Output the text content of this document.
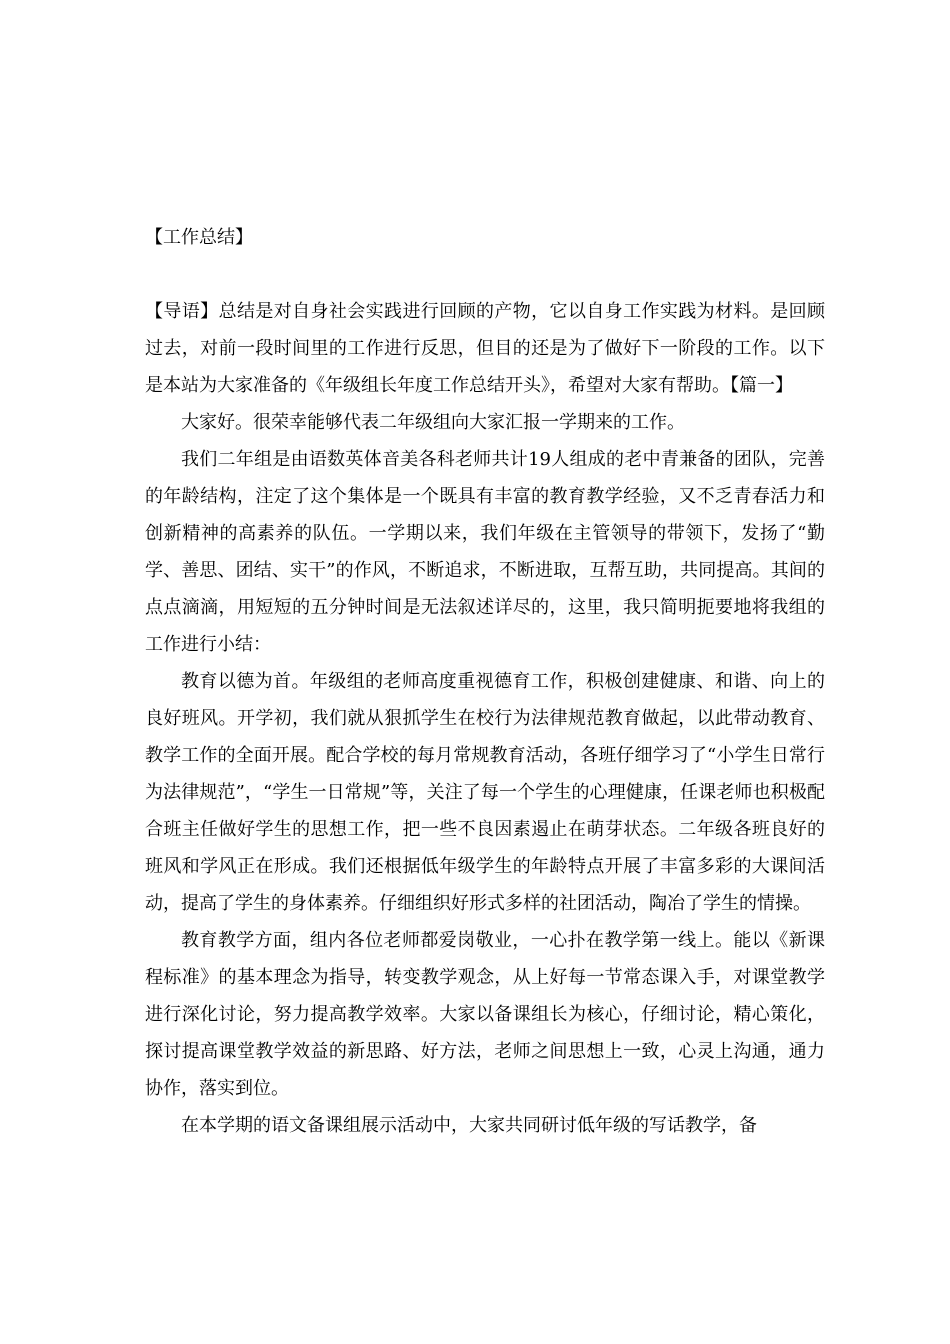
【工作总结】

【导语】总结是对自身社会实践进行回顾的产物，它以自身工作实践为材料。是回顾过去，对前一段时间里的工作进行反思，但目的还是为了做好下一阶段的工作。以下是本站为大家准备的《年级组长年度工作总结开头》，希望对大家有帮助。【篇一】

大家好。很荣幸能够代表二年级组向大家汇报一学期来的工作。

我们二年组是由语数英体音美各科老师共计19人组成的老中青兼备的团队，完善的年龄结构，注定了这个集体是一个既具有丰富的教育教学经验，又不乏青春活力和创新精神的高素养的队伍。一学期以来，我们年级在主管领导的带领下，发扬了“勤学、善思、团结、实干”的作风，不断追求，不断进取，互帮互助，共同提高。其间的点点滴滴，用短短的五分钟时间是无法叙述详尽的，这里，我只简明扼要地将我组的工作进行小结：

教育以德为首。年级组的老师高度重视德育工作，积极创建健康、和谐、向上的良好班风。开学初，我们就从狠抓学生在校行为法律规范教育做起，以此带动教育、教学工作的全面开展。配合学校的每月常规教育活动，各班仔细学习了“小学生日常行为法律规范”，“学生一日常规”等，关注了每一个学生的心理健康，任课老师也积极配合班主任做好学生的思想工作，把一些不良因素遏止在萌芽状态。二年级各班良好的班风和学风正在形成。我们还根据低年级学生的年龄特点开展了丰富多彩的大课间活动，提高了学生的身体素养。仔细组织好形式多样的社团活动，陶冶了学生的情操。

教育教学方面，组内各位老师都爱岗敬业，一心扑在教学第一线上。能以《新课程标准》的基本理念为指导，转变教学观念，从上好每一节常态课入手，对课堂教学进行深化讨论，努力提高教学效率。大家以备课组长为核心，仔细讨论，精心策化，探讨提高课堂教学效益的新思路、好方法，老师之间思想上一致，心灵上沟通，通力协作，落实到位。

在本学期的语文备课组展示活动中，大家共同研讨低年级的写话教学，备
